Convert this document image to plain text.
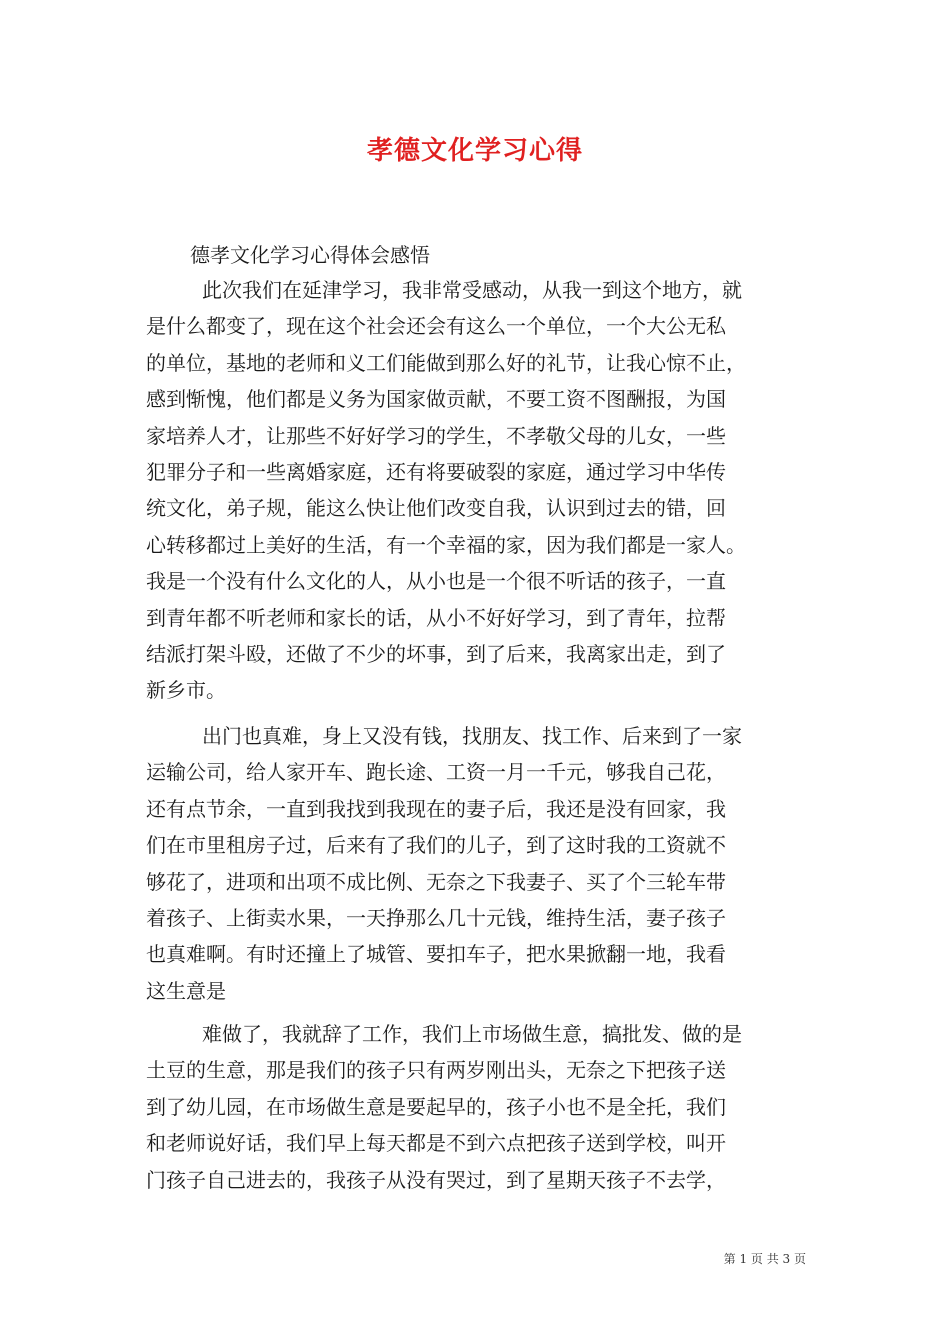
孝德文化学习心得
德孝文化学习心得体会感悟
此次我们在延津学习，我非常受感动，从我一到这个地方，就
是什么都变了，现在这个社会还会有这么一个单位，一个大公无私
的单位，基地的老师和义工们能做到那么好的礼节，让我心惊不止，
感到惭愧，他们都是义务为国家做贡献，不要工资不图酬报，为国
家培养人才，让那些不好好学习的学生，不孝敬父母的儿女，一些
犯罪分子和一些离婚家庭，还有将要破裂的家庭，通过学习中华传
统文化，弟子规，能这么快让他们改变自我，认识到过去的错，回
心转移都过上美好的生活，有一个幸福的家，因为我们都是一家人。
我是一个没有什么文化的人，从小也是一个很不听话的孩子，一直
到青年都不听老师和家长的话，从小不好好学习，到了青年，拉帮
结派打架斗殴，还做了不少的坏事，到了后来，我离家出走，到了
新乡市。
出门也真难，身上又没有钱，找朋友、找工作、后来到了一家
运输公司，给人家开车、跑长途、工资一月一千元，够我自己花，
还有点节余，一直到我找到我现在的妻子后，我还是没有回家，我
们在市里租房子过，后来有了我们的儿子，到了这时我的工资就不
够花了，进项和出项不成比例、无奈之下我妻子、买了个三轮车带
着孩子、上街卖水果，一天挣那么几十元钱，维持生活，妻子孩子
也真难啊。有时还撞上了城管、要扣车子，把水果掀翻一地，我看
这生意是
难做了，我就辞了工作，我们上市场做生意，搞批发、做的是
土豆的生意，那是我们的孩子只有两岁刚出头，无奈之下把孩子送
到了幼儿园，在市场做生意是要起早的，孩子小也不是全托，我们
和老师说好话，我们早上每天都是不到六点把孩子送到学校，叫开
门孩子自己进去的，我孩子从没有哭过，到了星期天孩子不去学，
第 1 页 共 3 页
